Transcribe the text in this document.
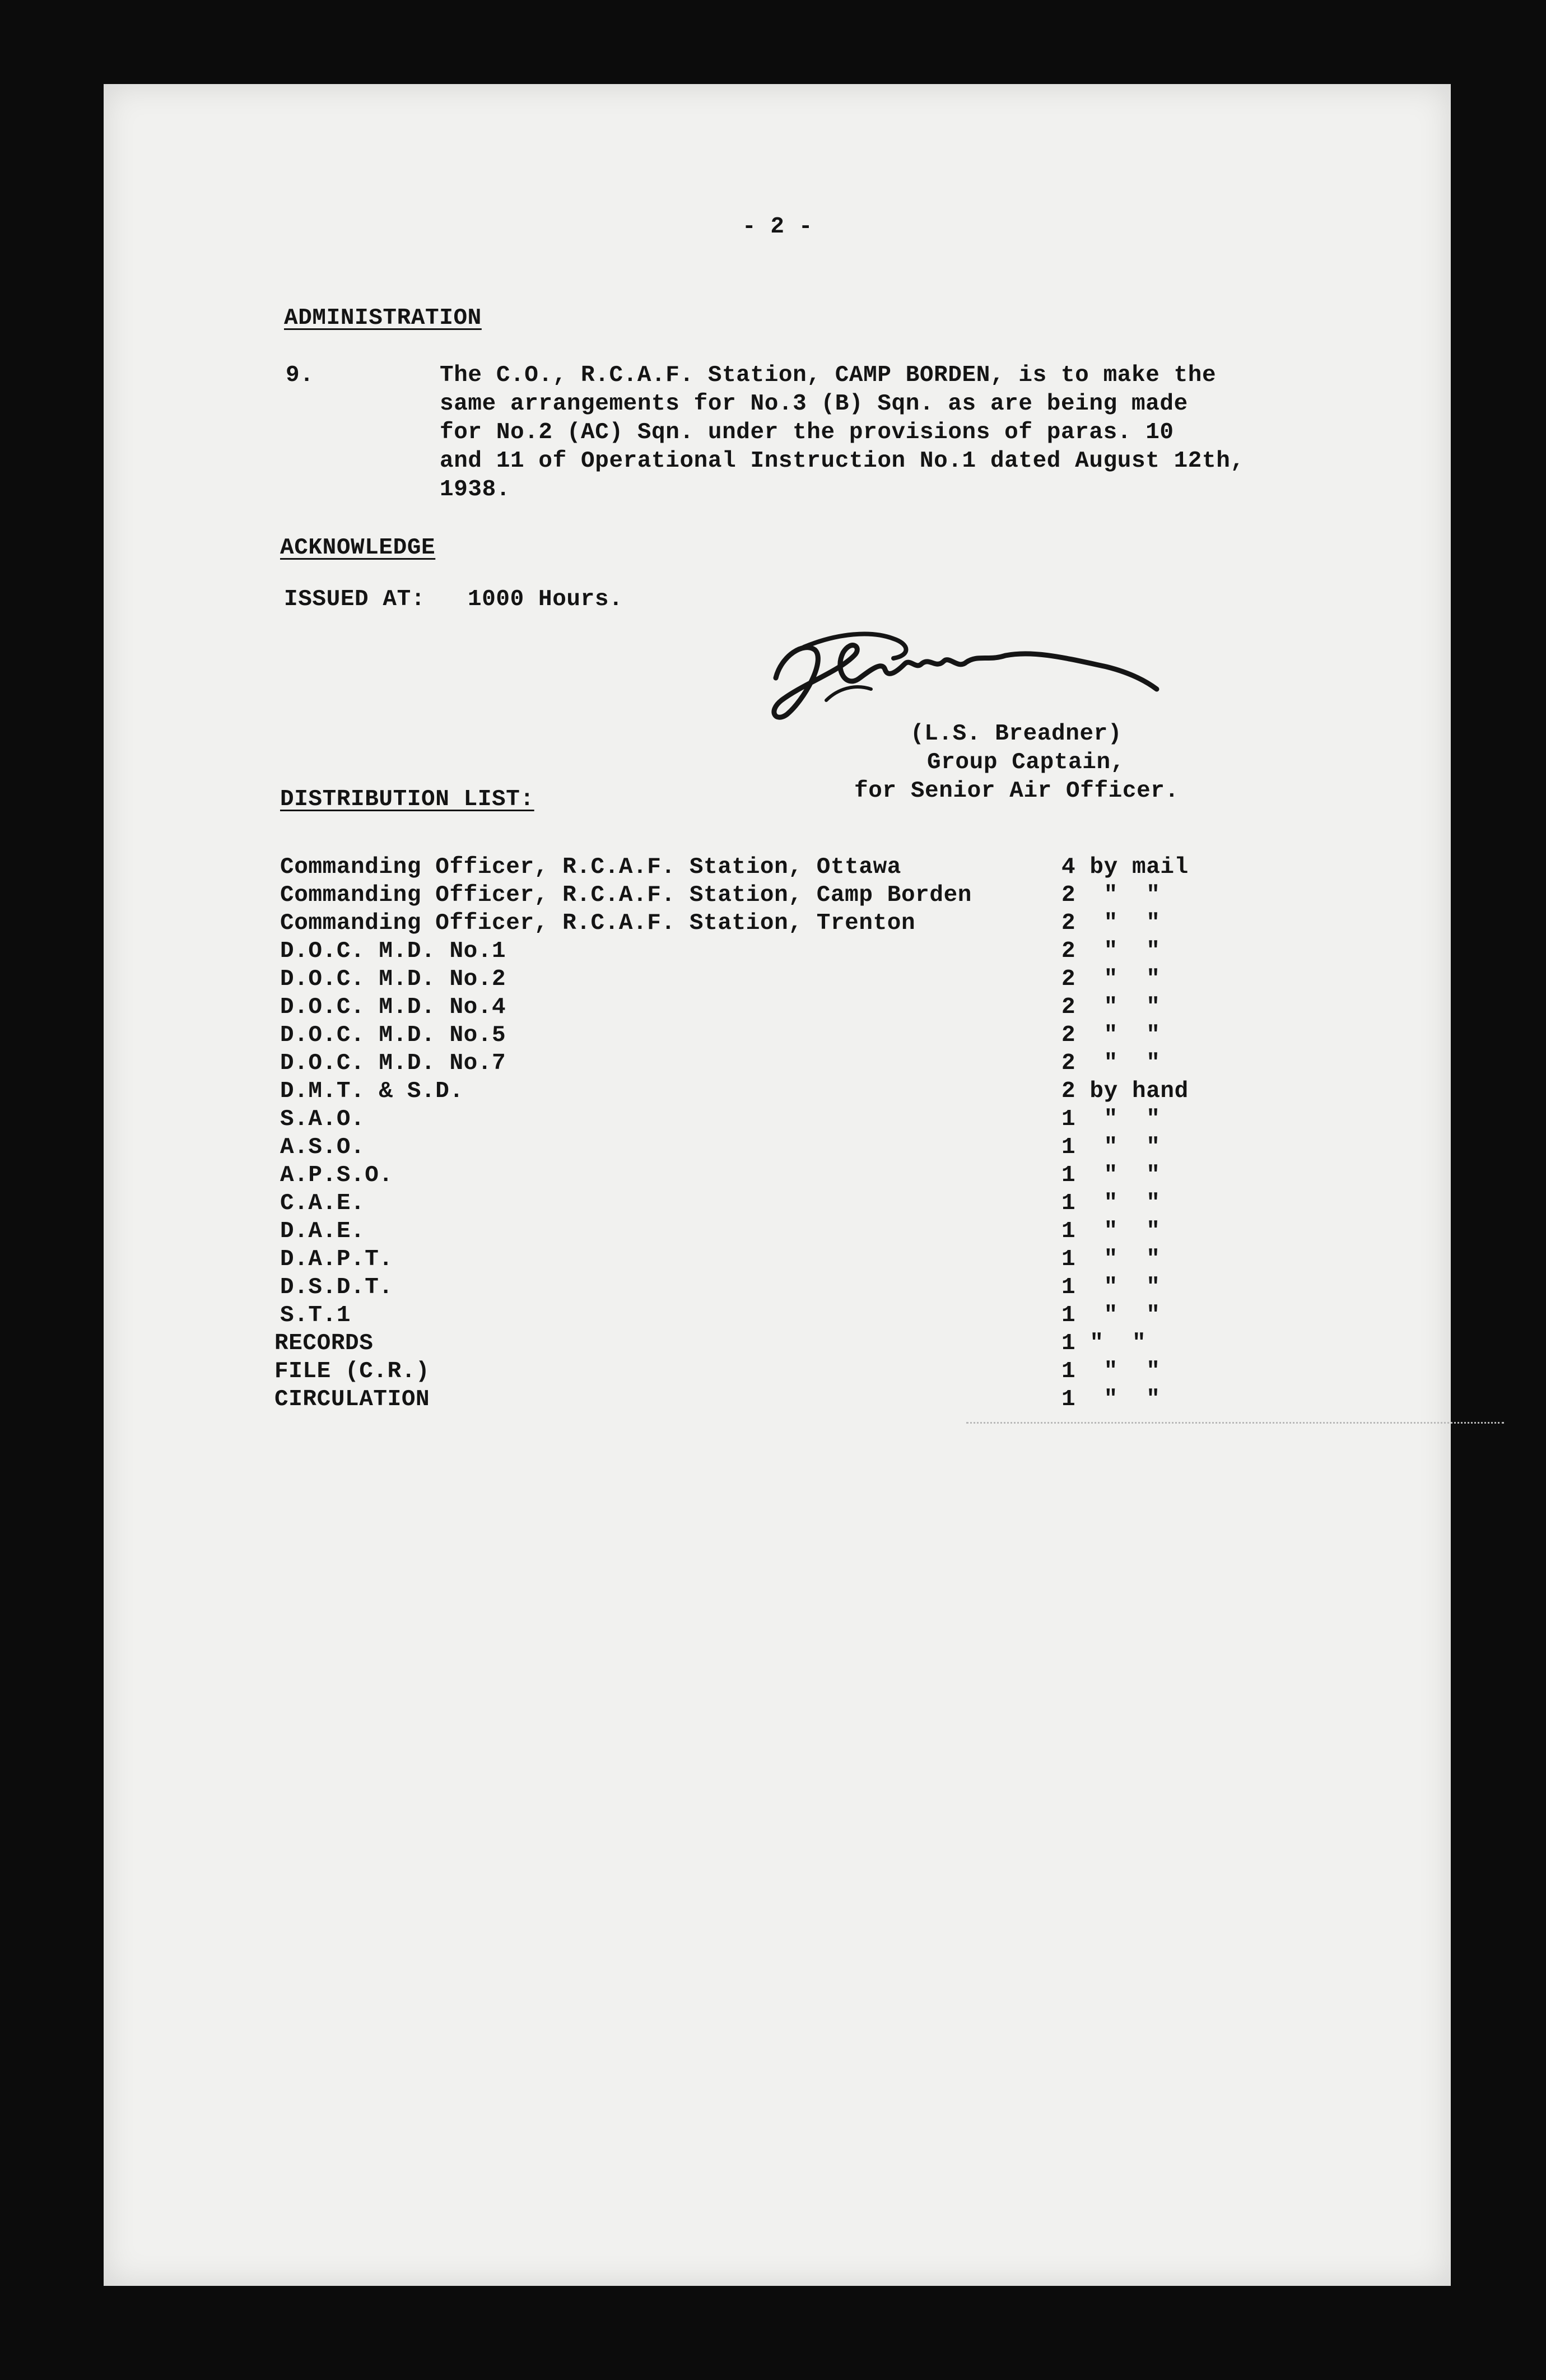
- 2 -
ADMINISTRATION
9.	The C.O., R.C.A.F. Station, CAMP BORDEN, is to make the
same arrangements for No.3 (B) Sqn. as are being made
for No.2 (AC) Sqn. under the provisions of paras. 10
and 11 of Operational Instruction No.1 dated August 12th,
1938.
ACKNOWLEDGE
ISSUED AT: 1000 Hours.
(L.S. Breadner)
Group Captain,
for Senior Air Officer.
DISTRIBUTION LIST:
Commanding Officer, R.C.A.F. Station, Ottawa	4 by mail
Commanding Officer, R.C.A.F. Station, Camp Borden	2  "  "
Commanding Officer, R.C.A.F. Station, Trenton	2  "  "
D.O.C. M.D. No.1	2  "  "
D.O.C. M.D. No.2	2  "  "
D.O.C. M.D. No.4	2  "  "
D.O.C. M.D. No.5	2  "  "
D.O.C. M.D. No.7	2  "  "
D.M.T. & S.D.	2 by hand
S.A.O.	1  "  "
A.S.O.	1  "  "
A.P.S.O.	1  "  "
C.A.E.	1  "  "
D.A.E.	1  "  "
D.A.P.T.	1  "  "
D.S.D.T.	1  "  "
S.T.1	1  "  "
RECORDS	1 "  "
FILE (C.R.)	1  "  "
CIRCULATION	1  "  "
